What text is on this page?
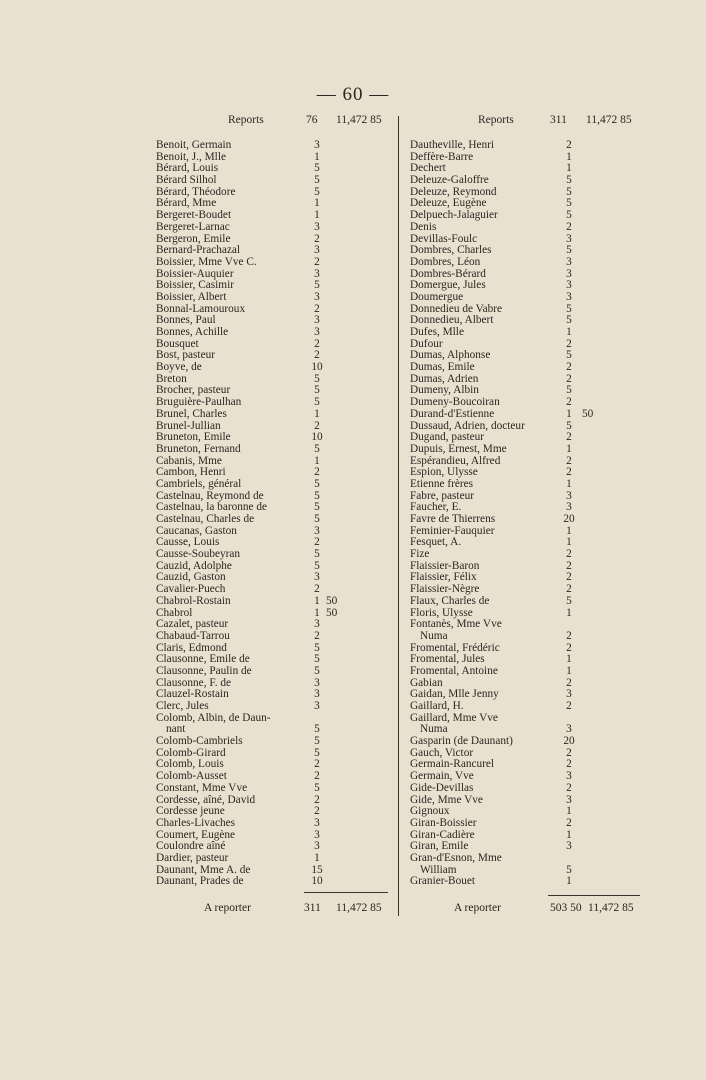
— 60 —
Reports	76 11,472 85
Benoit, Germain	3
Benoit, J., Mlle	1
Bérard, Louis	5
Bérard Silhol	5
Bérard, Théodore	5
Bérard, Mme	1
Bergeret-Boudet	1
Bergeret-Larnac	3
Bergeron, Emile	2
Bernard-Prachazal	3
Boissier, Mme Vve C.	2
Boissier-Auquier	3
Boissier, Casimir	5
Boissier, Albert	3
Bonnal-Lamouroux	2
Bonnes, Paul	3
Bonnes, Achille	3
Bousquet	2
Bost, pasteur	2
Boyve, de	10
Breton	5
Brocher, pasteur	5
Bruguière-Paulhan	5
Brunel, Charles	1
Brunel-Jullian	2
Bruneton, Emile	10
Bruneton, Fernand	5
Cabanis, Mme	1
Cambon, Henri	2
Cambriels, général	5
Castelnau, Reymond de	5
Castelnau, la baronne de	5
Castelnau, Charles de	5
Caucanas, Gaston	3
Causse, Louis	2
Causse-Soubeyran	5
Cauzid, Adolphe	5
Cauzid, Gaston	3
Cavalier-Puech	2
Chabrol-Rostain	1 50
Chabrol	1 50
Cazalet, pasteur	3
Chabaud-Tarrou	2
Claris, Edmond	5
Clausonne, Emile de	5
Clausonne, Paulin de	5
Clausonne, F. de	3
Clauzel-Rostain	3
Clerc, Jules	3
Colomb, Albin, de Daun-
nant	5
Colomb-Cambriels	5
Colomb-Girard	5
Colomb, Louis	2
Colomb-Ausset	2
Constant, Mme Vve	5
Cordesse, aîné, David	2
Cordesse jeune	2
Charles-Livaches	3
Coumert, Eugène	3
Coulondre aîné	3
Dardier, pasteur	1
Daunant, Mme A. de	15
Daunant, Prades de	10
Reports	311 11,472 85
Dautheville, Henri	2
Deffère-Barre	1
Dechert	1
Deleuze-Galoffre	5
Deleuze, Reymond	5
Deleuze, Eugène	5
Delpuech-Jalaguier	5
Denis	2
Devillas-Foulc	3
Dombres, Charles	5
Dombres, Léon	3
Dombres-Bérard	3
Domergue, Jules	3
Doumergue	3
Donnedieu de Vabre	5
Donnedieu, Albert	5
Dufes, Mlle	1
Dufour	2
Dumas, Alphonse	5
Dumas, Emile	2
Dumas, Adrien	2
Dumeny, Albin	5
Dumeny-Boucoiran	2
Durand-d'Estienne	1 50
Dussaud, Adrien, docteur	5
Dugand, pasteur	2
Dupuis, Ernest, Mme	1
Espérandieu, Alfred	2
Espion, Ulysse	2
Etienne frères	1
Fabre, pasteur	3
Faucher, E.	3
Favre de Thierrens	20
Feminier-Fauquier	1
Fesquet, A.	1
Fize	2
Flaissier-Baron	2
Flaissier, Félix	2
Flaissier-Nègre	2
Flaux, Charles de	5
Floris, Ulysse	1
Fontanès, Mme Vve
Numa	2
Fromental, Frédéric	2
Fromental, Jules	1
Fromental, Antoine	1
Gabian	2
Gaidan, Mlle Jenny	3
Gaillard, H.	2
Gaillard, Mme Vve
Numa	3
Gasparin (de Daunant)	20
Gauch, Victor	2
Germain-Rancurel	2
Germain, Vve	3
Gide-Devillas	2
Gide, Mme Vve	3
Gignoux	1
Giran-Boissier	2
Giran-Cadière	1
Giran, Emile	3
Gran-d'Esnon, Mme
William	5
Granier-Bouet	1
A reporter	311 11,472 85	A reporter	503 50 11,472 85
